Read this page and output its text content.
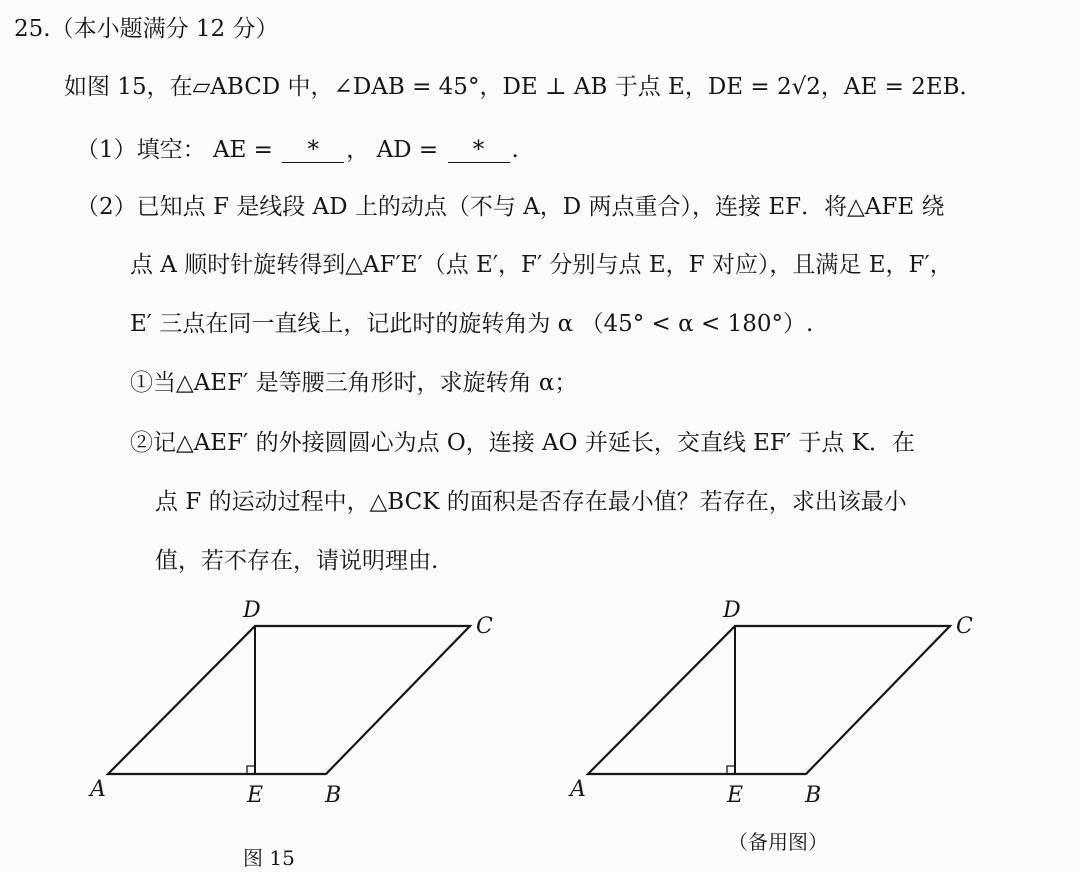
25.（本小题满分 12 分）
如图 15，在▱ABCD 中，∠DAB = 45°，DE ⊥ AB 于点 E，DE = 2√2，AE = 2EB．
（1）填空： AE = * ， AD = * .
（2）已知点 F 是线段 AD 上的动点（不与 A，D 两点重合），连接 EF．将△AFE 绕
点 A 顺时针旋转得到△AF′E′（点 E′，F′ 分别与点 E，F 对应），且满足 E，F′，
E′ 三点在同一直线上，记此时的旋转角为 α （45° < α < 180°）.
①当△AEF′ 是等腰三角形时，求旋转角 α；
②记△AEF′ 的外接圆圆心为点 O，连接 AO 并延长，交直线 EF′ 于点 K．在
点 F 的运动过程中，△BCK 的面积是否存在最小值？若存在，求出该最小
值，若不存在，请说明理由.
D
C
A	E	B
图 15
D
C
A	E	B
（备用图）
